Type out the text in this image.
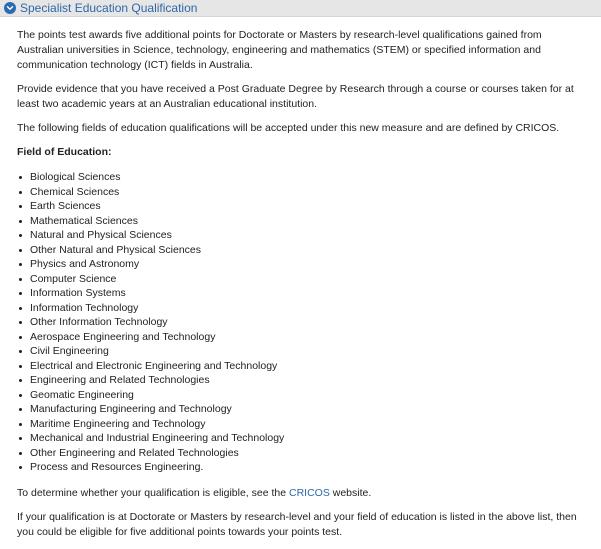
Specialist Education Qualification

The points test awards five additional points for Doctorate or Masters by research-level qualifications gained from Australian universities in Science, technology, engineering and mathematics (STEM) or specified information and communication technology (ICT) fields in Australia.

Provide evidence that you have received a Post Graduate Degree by Research through a course or courses taken for at least two academic years at an Australian educational institution.

The following fields of education qualifications will be accepted under this new measure and are defined by CRICOS.

Field of Education:
Biological Sciences
Chemical Sciences
Earth Sciences
Mathematical Sciences
Natural and Physical Sciences
Other Natural and Physical Sciences
Physics and Astronomy
Computer Science
Information Systems
Information Technology
Other Information Technology
Aerospace Engineering and Technology
Civil Engineering
Electrical and Electronic Engineering and Technology
Engineering and Related Technologies
Geomatic Engineering
Manufacturing Engineering and Technology
Maritime Engineering and Technology
Mechanical and Industrial Engineering and Technology
Other Engineering and Related Technologies
Process and Resources Engineering.

To determine whether your qualification is eligible, see the CRICOS website.

If your qualification is at Doctorate or Masters by research-level and your field of education is listed in the above list, then you could be eligible for five additional points towards your points test.
